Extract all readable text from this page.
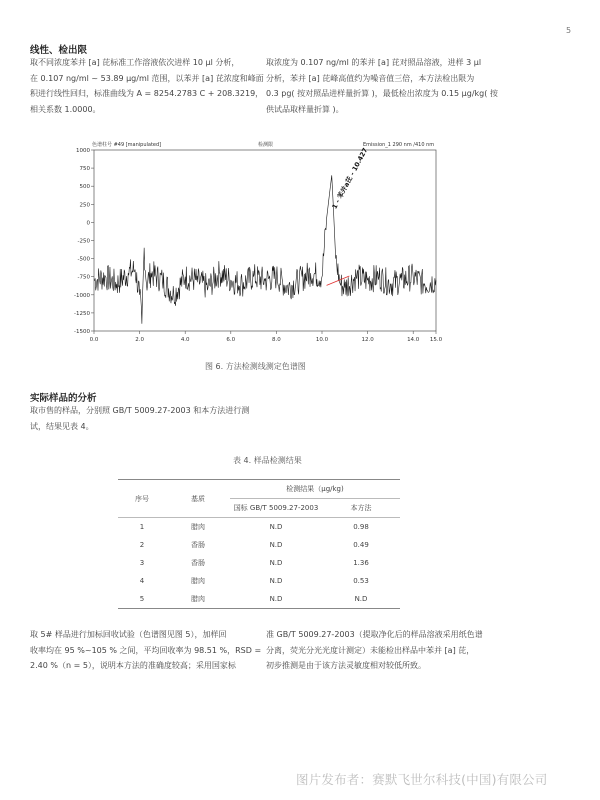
5
线性、检出限
取不同浓度苯并 [a] 芘标准工作溶液依次进样 10 µl 分析，
在 0.107 ng/ml ~ 53.89 µg/ml 范围，以苯并 [a] 芘浓度和峰面
积进行线性回归，标准曲线为 A = 8254.2783 C + 208.3219，
相关系数 1.0000。
取浓度为 0.107 ng/ml 的苯并 [a] 芘对照品溶液，进样 3 µl
分析，苯并 [a] 芘峰高值约为噪音值三倍，本方法检出限为
0.3 pg( 按对照品进样量折算 )，最低检出浓度为 0.15 µg/kg( 按
供试品取样量折算 )。
0.0	2.0	4.0	6.0	8.0	10.0	12.0	14.0 15.0
-1500
-1250
-1000
-750
-500
-250
0
250
500
750
1000
色谱柱号 #49 [manipulated]	检测限	Emission_1 290 nm /410 nm
1 - 苯并a芘 - 10.427
图 6. 方法检测线测定色谱图
实际样品的分析
取市售的样品，分别照 GB/T 5009.27-2003 和本方法进行测
试，结果见表 4。
表 4. 样品检测结果
序号	基质	检测结果（µg/kg)	
		国标 GB/T 5009.27-2003	本方法
1	腊肉	N.D	0.98
2	香肠	N.D	0.49
3	香肠	N.D	1.36
4	腊肉	N.D	0.53
5	腊肉	N.D	N.D
取 5# 样品进行加标回收试验（色谱图见图 5），加样回
收率均在 95 %~105 % 之间，平均回收率为 98.51 %，RSD =
2.40 %（n = 5），说明本方法的准确度较高；采用国家标
准 GB/T 5009.27-2003（提取净化后的样品溶液采用纸色谱
分离，荧光分光光度计测定）未能检出样品中苯并 [a] 芘，
初步推测是由于该方法灵敏度相对较低所致。
图片发布者：赛默飞世尔科技(中国)有限公司
